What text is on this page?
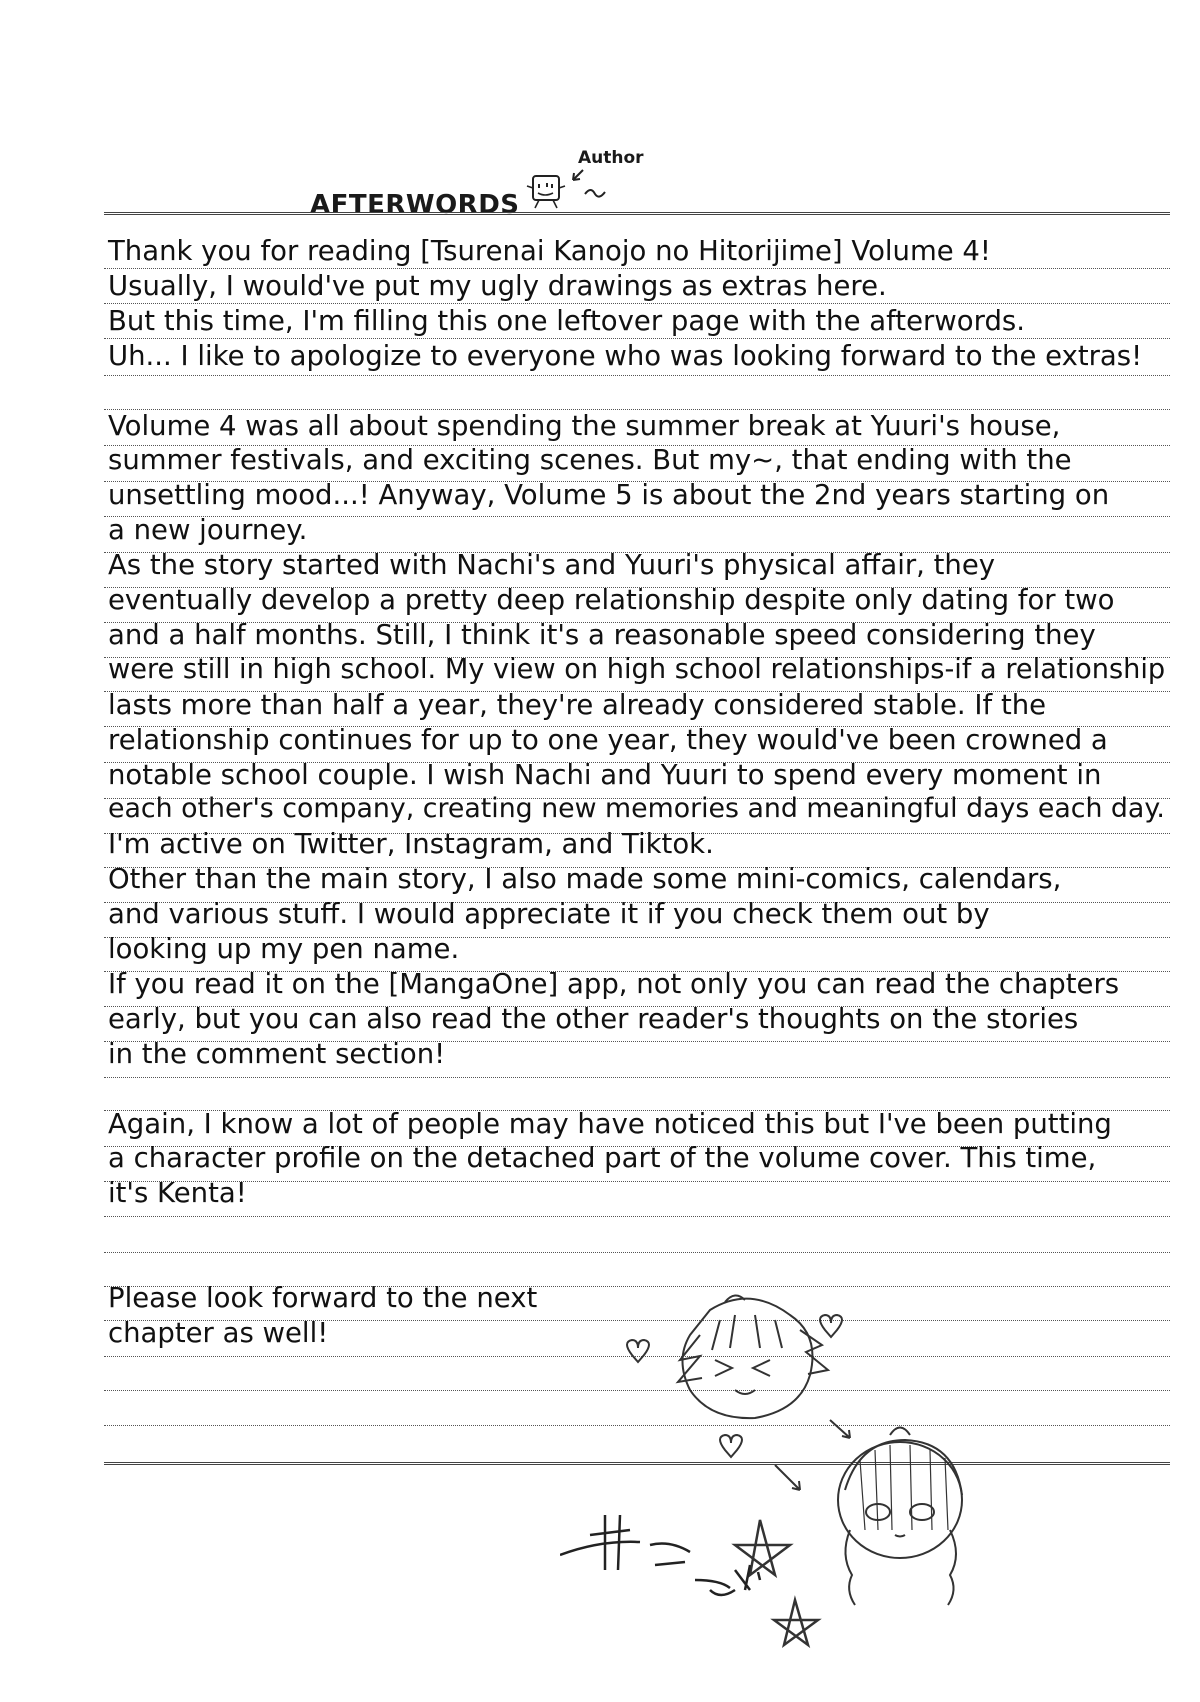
AFTERWORDS
Author
Thank you for reading [Tsurenai Kanojo no Hitorijime] Volume 4!
Usually, I would've put my ugly drawings as extras here.
But this time, I'm filling this one leftover page with the afterwords.
Uh... I like to apologize to everyone who was looking forward to the extras!
Volume 4 was all about spending the summer break at Yuuri's house,
summer festivals, and exciting scenes. But my~, that ending with the
unsettling mood...! Anyway, Volume 5 is about the 2nd years starting on
a new journey.
As the story started with Nachi's and Yuuri's physical affair, they
eventually develop a pretty deep relationship despite only dating for two
and a half months. Still, I think it's a reasonable speed considering they
were still in high school. My view on high school relationships-if a relationship
lasts more than half a year, they're already considered stable. If the
relationship continues for up to one year, they would've been crowned a
notable school couple. I wish Nachi and Yuuri to spend every moment in
each other's company, creating new memories and meaningful days each day.
I'm active on Twitter, Instagram, and Tiktok.
Other than the main story, I also made some mini-comics, calendars,
and various stuff. I would appreciate it if you check them out by
looking up my pen name.
If you read it on the [MangaOne] app, not only you can read the chapters
early, but you can also read the other reader's thoughts on the stories
in the comment section!
Again, I know a lot of people may have noticed this but I've been putting
a character profile on the detached part of the volume cover. This time,
it's Kenta!
Please look forward to the next
chapter as well!
